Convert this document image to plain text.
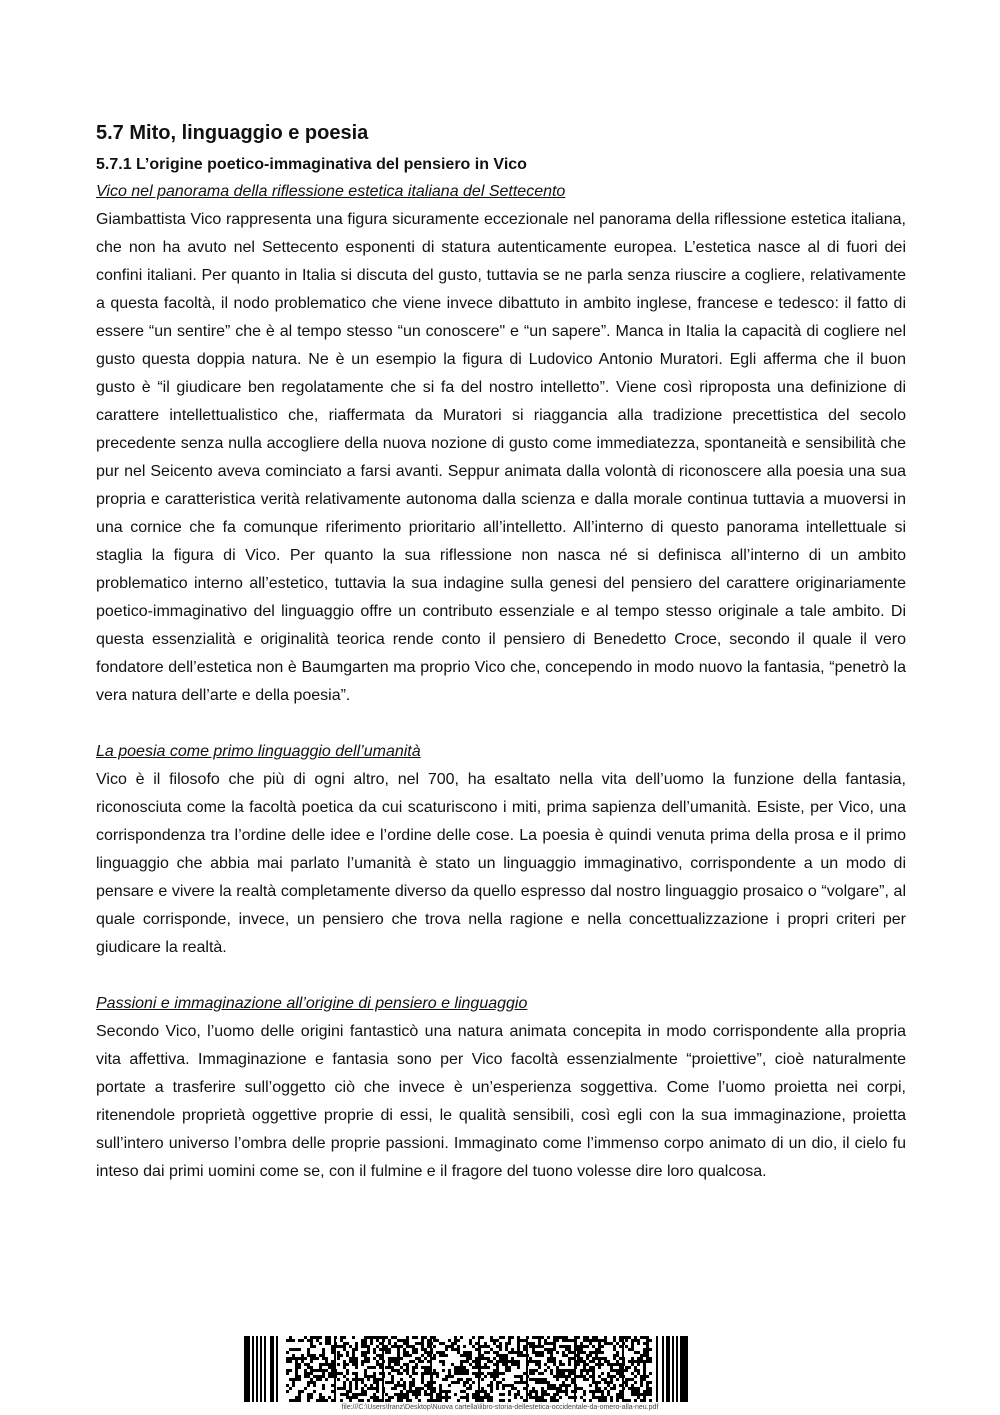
5.7 Mito, linguaggio e poesia
5.7.1 L’origine poetico-immaginativa del pensiero in Vico
Vico nel panorama della riflessione estetica italiana del Settecento

Giambattista Vico rappresenta una figura sicuramente eccezionale nel panorama della riflessione estetica italiana, che non ha avuto nel Settecento esponenti di statura autenticamente europea. L’estetica nasce al di fuori dei confini italiani. Per quanto in Italia si discuta del gusto, tuttavia se ne parla senza riuscire a cogliere, relativamente a questa facoltà, il nodo problematico che viene invece dibattuto in ambito inglese, francese e tedesco: il fatto di essere “un sentire” che è al tempo stesso “un conoscere" e “un sapere”. Manca in Italia la capacità di cogliere nel gusto questa doppia natura. Ne è un esempio la figura di Ludovico Antonio Muratori. Egli afferma che il buon gusto è “il giudicare ben regolatamente che si fa del nostro intelletto”. Viene così riproposta una definizione di carattere intellettualistico che, riaffermata da Muratori si riaggancia alla tradizione precettistica del secolo precedente senza nulla accogliere della nuova nozione di gusto come immediatezza, spontaneità e sensibilità che pur nel Seicento aveva cominciato a farsi avanti. Seppur animata dalla volontà di riconoscere alla poesia una sua propria e caratteristica verità relativamente autonoma dalla scienza e dalla morale continua tuttavia a muoversi in una cornice che fa comunque riferimento prioritario all’intelletto. All’interno di questo panorama intellettuale si staglia la figura di Vico. Per quanto la sua riflessione non nasca né si definisca all’interno di un ambito problematico interno all’estetico, tuttavia la sua indagine sulla genesi del pensiero del carattere originariamente poetico-immaginativo del linguaggio offre un contributo essenziale e al tempo stesso originale a tale ambito. Di questa essenzialità e originalità teorica rende conto il pensiero di Benedetto Croce, secondo il quale il vero fondatore dell’estetica non è Baumgarten ma proprio Vico che, concependo in modo nuovo la fantasia, “penetrò la vera natura dell’arte e della poesia”.

La poesia come primo linguaggio dell’umanità

Vico è il filosofo che più di ogni altro, nel 700, ha esaltato nella vita dell’uomo la funzione della fantasia, riconosciuta come la facoltà poetica da cui scaturiscono i miti, prima sapienza dell’umanità. Esiste, per Vico, una corrispondenza tra l’ordine delle idee e l’ordine delle cose. La poesia è quindi venuta prima della prosa e il primo linguaggio che abbia mai parlato l’umanità è stato un linguaggio immaginativo, corrispondente a un modo di pensare e vivere la realtà completamente diverso da quello espresso dal nostro linguaggio prosaico o “volgare”, al quale corrisponde, invece, un pensiero che trova nella ragione e nella concettualizzazione i propri criteri per giudicare la realtà.

Passioni e immaginazione all’origine di pensiero e linguaggio

Secondo Vico, l’uomo delle origini fantasticò una natura animata concepita in modo corrispondente alla propria vita affettiva. Immaginazione e fantasia sono per Vico facoltà essenzialmente “proiettive”, cioè naturalmente portate a trasferire sull’oggetto ciò che invece è un’esperienza soggettiva. Come l’uomo proietta nei corpi, ritenendole proprietà oggettive proprie di essi, le qualità sensibili, così egli con la sua immaginazione, proietta sull’intero universo l’ombra delle proprie passioni. Immaginato come l’immenso corpo animato di un dio, il cielo fu inteso dai primi uomini come se, con il fulmine e il fragore del tuono volesse dire loro qualcosa.

file:///C:\Users\franz\Desktop\Nuova cartella\libro-storia-dellestetica-occidentale-da-omero-alla-neu.pdf
